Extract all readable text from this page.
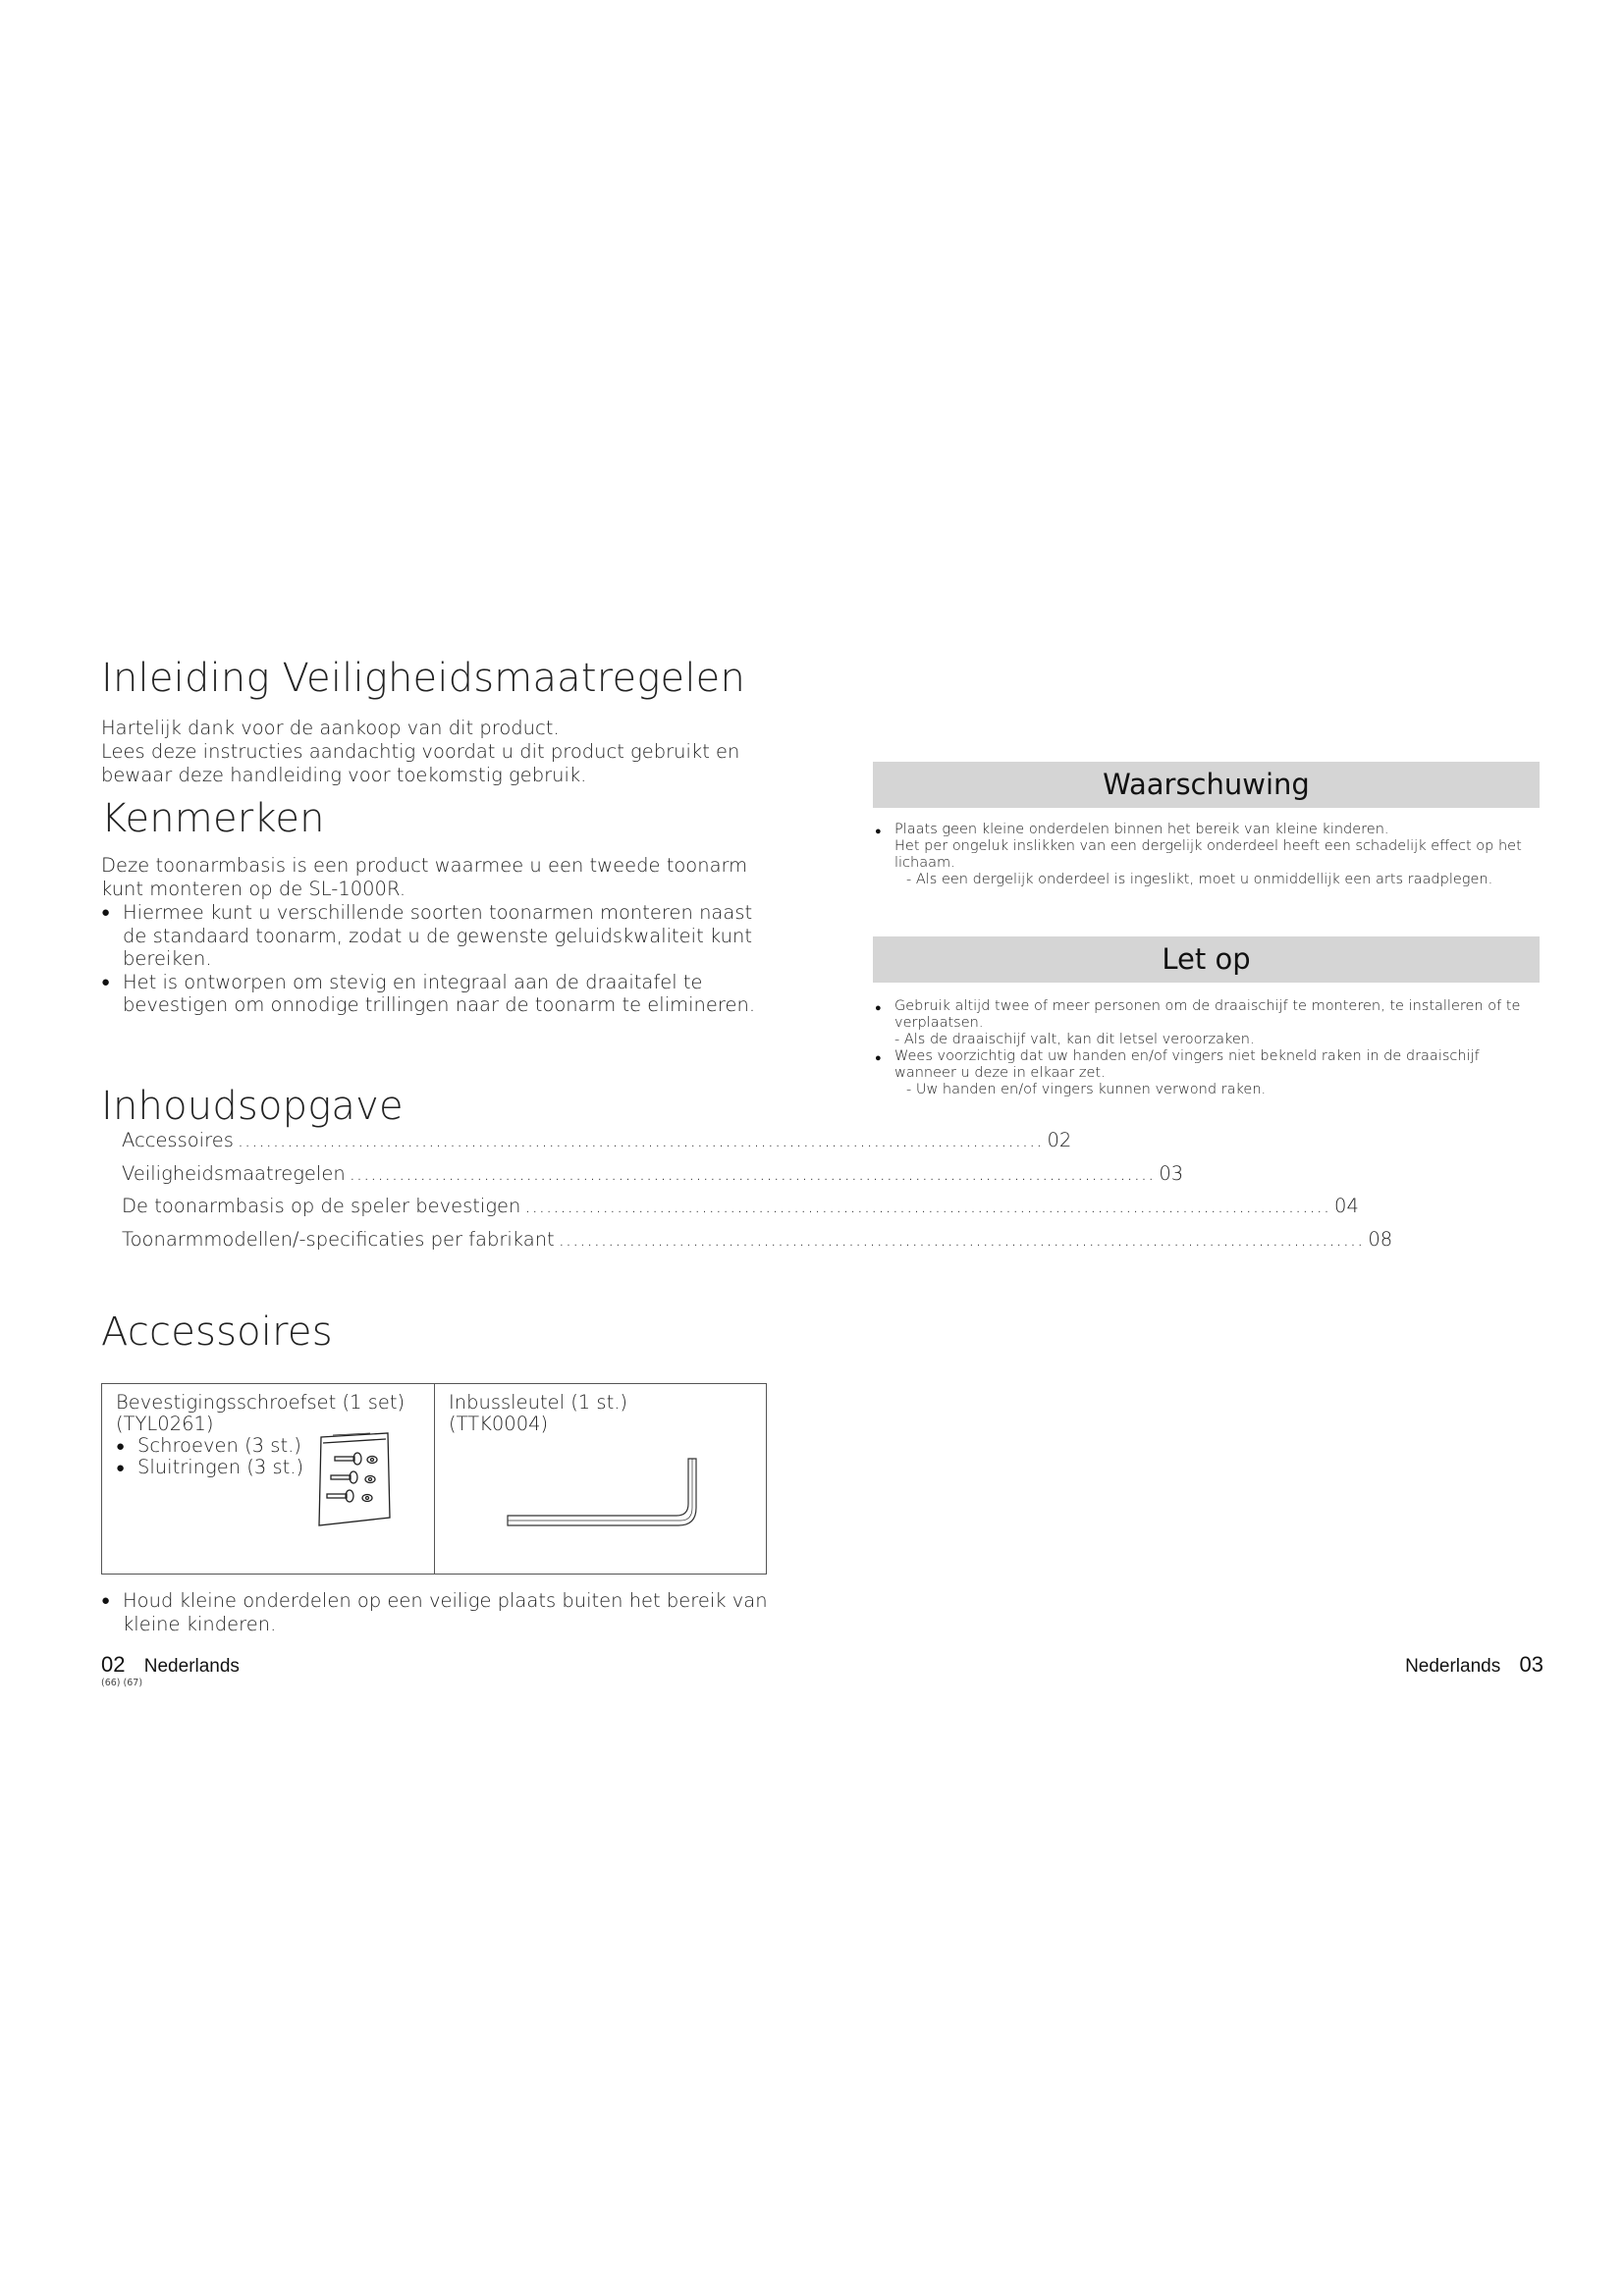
Inleiding Veiligheidsmaatregelen

Hartelijk dank voor de aankoop van dit product.

Lees deze instructies aandachtig voordat u dit product gebruikt en

bewaar deze handleiding voor toekomstig gebruik.

Kenmerken

Deze toonarmbasis is een product waarmee u een tweede toonarm

kunt monteren op de SL-1000R.

● Hiermee kunt u verschillende soorten toonarmen monteren naast
de standaard toonarm, zodat u de gewenste geluidskwaliteit kunt
bereiken.
● Het is ontworpen om stevig en integraal aan de draaitafel te
bevestigen om onnodige trillingen naar de toonarm te elimineren.
Inhoudsopgave
Accessoires .................................................................................................................. 02
Veiligheidsmaatregelen .................................................................................................................. 03
De toonarmbasis op de speler bevestigen .................................................................................................................. 04
Toonarmmodellen/-specificaties per fabrikant .................................................................................................................. 08
Accessoires
Bevestigingsschroefset (1 set)
(TYL0261)
● Schroeven (3 st.)
● Sluitringen (3 st.)
Inbussleutel (1 st.)
(TTK0004)
● Houd kleine onderdelen op een veilige plaats buiten het bereik van
kleine kinderen.
02 Nederlands
(66) (67)
Waarschuwing
● Plaats geen kleine onderdelen binnen het bereik van kleine kinderen.
Het per ongeluk inslikken van een dergelijk onderdeel heeft een schadelijk effect op het
lichaam.
- Als een dergelijk onderdeel is ingeslikt, moet u onmiddellijk een arts raadplegen.
Let op
● Gebruik altijd twee of meer personen om de draaischijf te monteren, te installeren of te
verplaatsen.
- Als de draaischijf valt, kan dit letsel veroorzaken.
● Wees voorzichtig dat uw handen en/of vingers niet bekneld raken in de draaischijf
wanneer u deze in elkaar zet.
- Uw handen en/of vingers kunnen verwond raken.
Nederlands 03
